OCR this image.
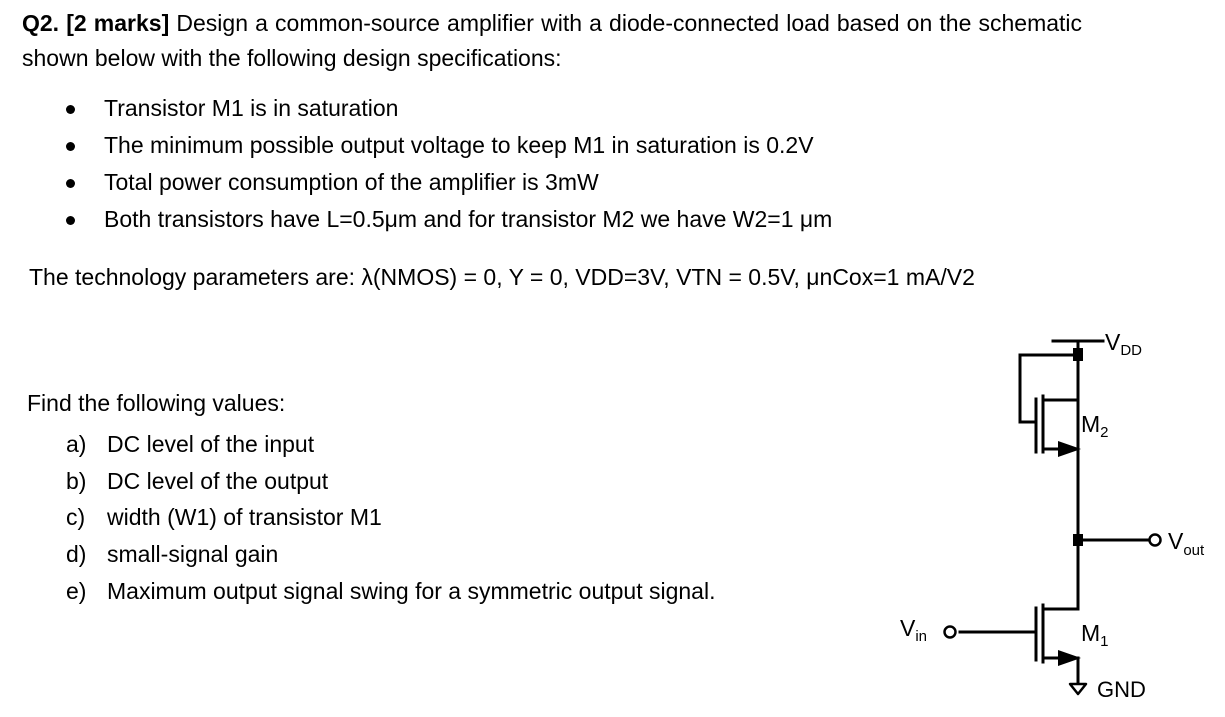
Q2. [2 marks] Design a common-source amplifier with a diode-connected load based on the schematic shown below with the following design specifications:
Transistor M1 is in saturation
The minimum possible output voltage to keep M1 in saturation is 0.2V
Total power consumption of the amplifier is 3mW
Both transistors have L=0.5μm and for transistor M2 we have W2=1 μm
The technology parameters are: λ(NMOS) = 0, Υ = 0, VDD=3V, VTN = 0.5V, μnCox=1 mA/V2
Find the following values:
a) DC level of the input
b) DC level of the output
c) width (W1) of transistor M1
d) small-signal gain
e) Maximum output signal swing for a symmetric output signal.
$V_{DD}$
$M_2$
$V_{out}$
$V_{in}$	$M_1$
GND
